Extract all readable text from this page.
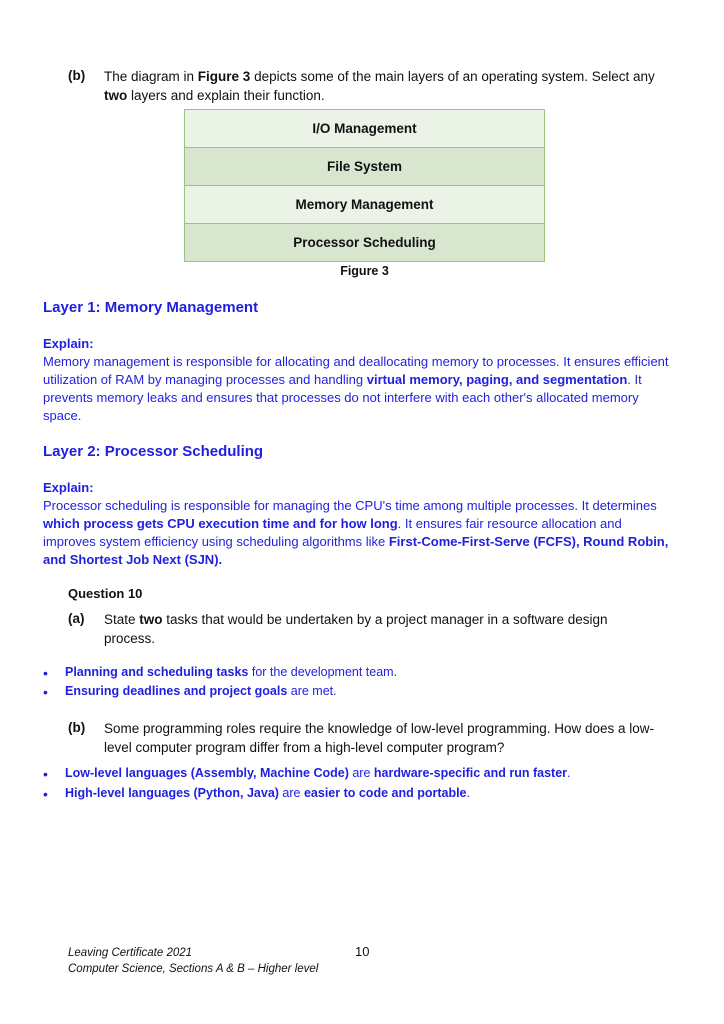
(b) The diagram in Figure 3 depicts some of the main layers of an operating system. Select any
two layers and explain their function.
I/O Management
File System
Memory Management
Processor Scheduling
Figure 3
Layer 1: Memory Management
Explain:
Memory management is responsible for allocating and deallocating memory to processes. It ensures efficient utilization of RAM by managing processes and handling virtual memory, paging, and segmentation. It prevents memory leaks and ensures that processes do not interfere with each other's allocated memory space.
Layer 2: Processor Scheduling
Explain:
Processor scheduling is responsible for managing the CPU's time among multiple processes. It determines which process gets CPU execution time and for how long. It ensures fair resource allocation and improves system efficiency using scheduling algorithms like First-Come-First-Serve (FCFS), Round Robin, and Shortest Job Next (SJN).
Question 10
(a) State two tasks that would be undertaken by a project manager in a software design
process.
•	Planning and scheduling tasks for the development team.
•	Ensuring deadlines and project goals are met.
(b) Some programming roles require the knowledge of low-level programming. How does a low-
level computer program differ from a high-level computer program?
•	Low-level languages (Assembly, Machine Code) are hardware-specific and run faster.
•	High-level languages (Python, Java) are easier to code and portable.
Leaving Certificate 2021
Computer Science, Sections A & B – Higher level
10
